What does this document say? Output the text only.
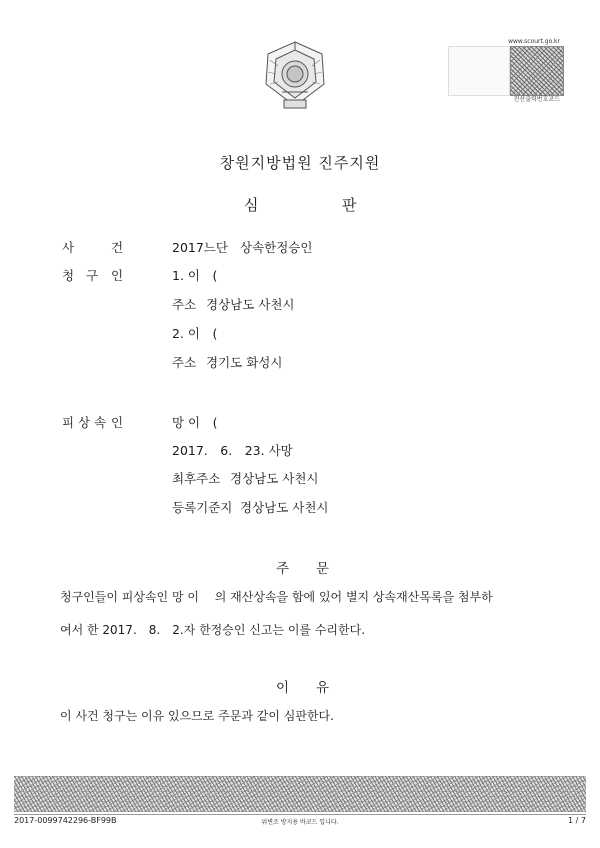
www.scourt.go.kr
전산출력번호코드
창원지방법원 진주지원
심	판
사	건	2017느단 상속한정승인
청 구 인	1. 이　(
주소 경상남도 사천시
2. 이　(
주소 경기도 화성시
피 상 속 인	망 이　(
2017.　6.　23. 사망
최후주소 경상남도 사천시
등록기준지 경상남도 사천시
주 문
청구인들이 피상속인 망 이　 의 재산상속을 함에 있어 별지 상속재산목록을 첨부하
여서 한 2017.　8.　2.자 한정승인 신고는 이를 수리한다.
이 유
이 사건 청구는 이유 있으므로 주문과 같이 심판한다.
2017-0099742296-BF99B	위변조 방지용 바코드 입니다.	1 / 7
